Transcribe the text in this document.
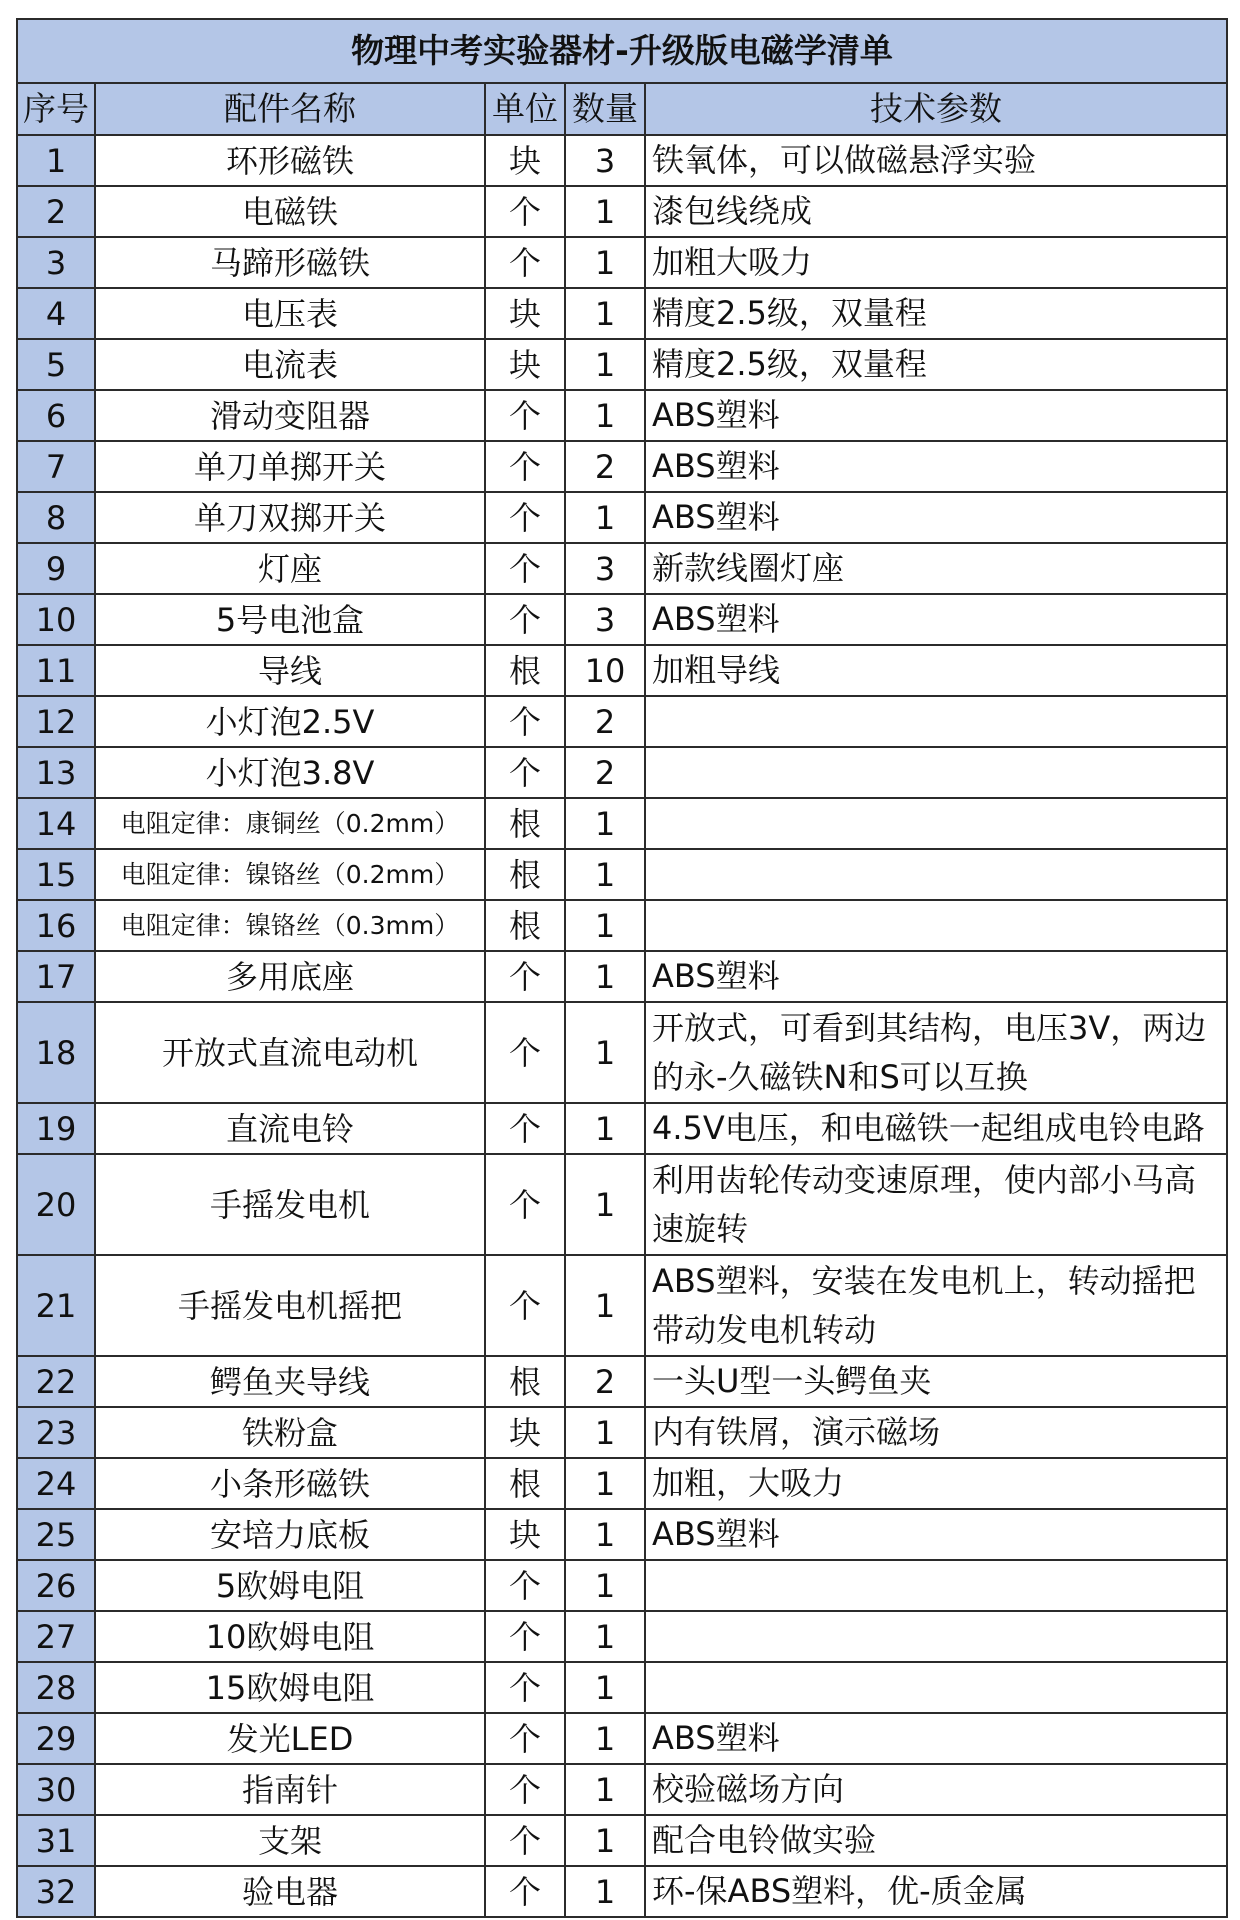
物理中考实验器材-升级版电磁学清单				
序号	配件名称	单位	数量	技术参数
1	环形磁铁	块	3	铁氧体，可以做磁悬浮实验
2	电磁铁	个	1	漆包线绕成
3	马蹄形磁铁	个	1	加粗大吸力
4	电压表	块	1	精度2.5级，双量程
5	电流表	块	1	精度2.5级，双量程
6	滑动变阻器	个	1	ABS塑料
7	单刀单掷开关	个	2	ABS塑料
8	单刀双掷开关	个	1	ABS塑料
9	灯座	个	3	新款线圈灯座
10	5号电池盒	个	3	ABS塑料
11	导线	根	10	加粗导线
12	小灯泡2.5V	个	2	
13	小灯泡3.8V	个	2	
14	电阻定律：康铜丝（0.2mm）	根	1	
15	电阻定律：镍铬丝（0.2mm）	根	1	
16	电阻定律：镍铬丝（0.3mm）	根	1	
17	多用底座	个	1	ABS塑料
18	开放式直流电动机	个	1	开放式，可看到其结构，电压3V，两边的永-久磁铁N和S可以互换
19	直流电铃	个	1	4.5V电压，和电磁铁一起组成电铃电路
20	手摇发电机	个	1	利用齿轮传动变速原理，使内部小马高速旋转
21	手摇发电机摇把	个	1	ABS塑料，安装在发电机上，转动摇把带动发电机转动
22	鳄鱼夹导线	根	2	一头U型一头鳄鱼夹
23	铁粉盒	块	1	内有铁屑，演示磁场
24	小条形磁铁	根	1	加粗，大吸力
25	安培力底板	块	1	ABS塑料
26	5欧姆电阻	个	1	
27	10欧姆电阻	个	1	
28	15欧姆电阻	个	1	
29	发光LED	个	1	ABS塑料
30	指南针	个	1	校验磁场方向
31	支架	个	1	配合电铃做实验
32	验电器	个	1	环-保ABS塑料，优-质金属
